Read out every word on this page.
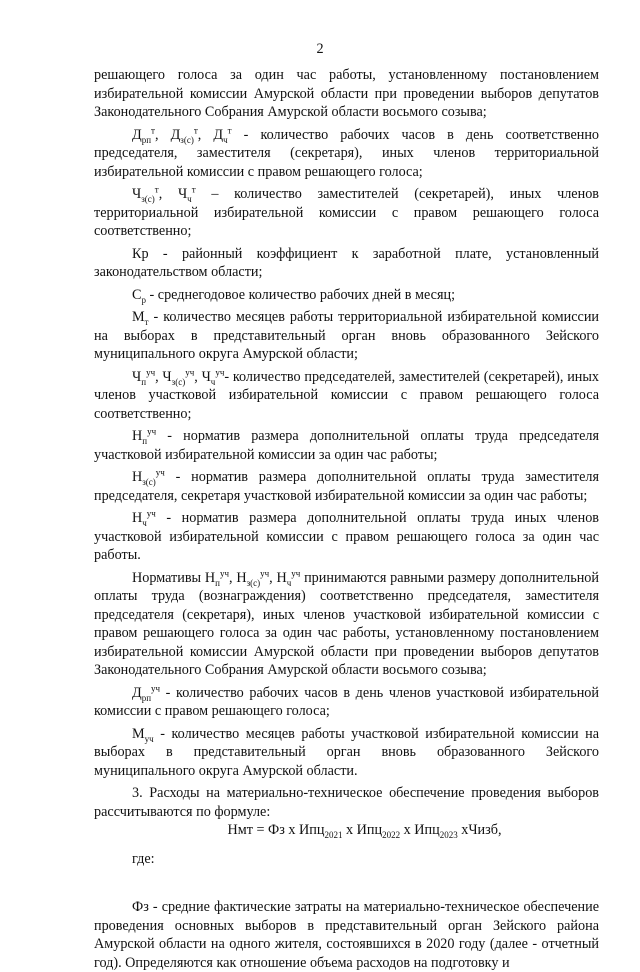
2

решающего голоса за один час работы, установленному постановлением избирательной комиссии Амурской области при проведении выборов депутатов Законодательного Собрания Амурской области восьмого созыва;

$Д_{рп}^т$, $Д_{з(с)}^т$, $Д_ч^т$ - количество рабочих часов в день соответственно председателя, заместителя (секретаря), иных членов территориальной избирательной комиссии с правом решающего голоса;

$Ч_{з(с)}^т$, $Ч_ч^т$ – количество заместителей (секретарей), иных членов территориальной избирательной комиссии с правом решающего голоса соответственно;

Кр - районный коэффициент к заработной плате, установленный законодательством области;

$С_р$ - среднегодовое количество рабочих дней в месяц;

$М_т$ - количество месяцев работы территориальной избирательной комиссии на выборах в представительный орган вновь образованного Зейского муниципального округа Амурской области;

$Ч_п^{уч}$, $Ч_{з(с)}^{уч}$, $Ч_ч^{уч}-$ количество председателей, заместителей (секретарей), иных членов участковой избирательной комиссии с правом решающего голоса соответственно;

$Н_п^{уч}$ - норматив размера дополнительной оплаты труда председателя участковой избирательной комиссии за один час работы;

$Н_{з(с)}^{уч}$ - норматив размера дополнительной оплаты труда заместителя председателя, секретаря участковой избирательной комиссии за один час работы;

$Н_ч^{уч}$ - норматив размера дополнительной оплаты труда иных членов участковой избирательной комиссии с правом решающего голоса за один час работы.

Нормативы $Н_п^{уч}$, $Н_{з(с)}^{уч}$, $Н_ч^{уч}$ принимаются равными размеру дополнительной оплаты труда (вознаграждения) соответственно председателя, заместителя председателя (секретаря), иных членов участковой избирательной комиссии с правом решающего голоса за один час работы, установленному постановлением избирательной комиссии Амурской области при проведении выборов депутатов Законодательного Собрания Амурской области восьмого созыва;

$Д_{рп}^{уч}$ - количество рабочих часов в день членов участковой избирательной комиссии с правом решающего голоса;

$М_{уч}$ - количество месяцев работы участковой избирательной комиссии на выборах в представительный орган вновь образованного Зейского муниципального округа Амурской области.

3. Расходы на материально-техническое обеспечение проведения выборов рассчитываются по формуле:

Нмт = Фз х Ипц$_{2021}$ х Ипц$_{2022}$ х Ипц$_{2023}$ хЧизб,

где:

Фз - средние фактические затраты на материально-техническое обеспечение проведения основных выборов в представительный орган Зейского района Амурской области на одного жителя, состоявшихся в 2020 году (далее - отчетный год). Определяются как отношение объема расходов на подготовку и
